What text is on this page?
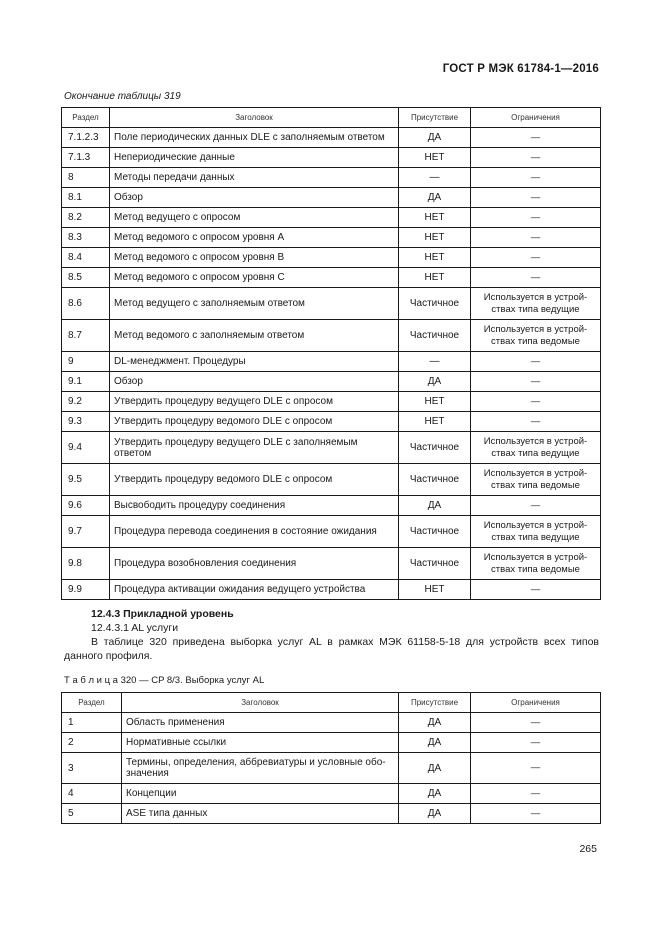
ГОСТ Р МЭК 61784-1—2016
Окончание таблицы 319
Раздел	Заголовок	Присутствие	Ограничения
7.1.2.3	Поле периодических данных DLE с заполняемым ответом	ДА	—
7.1.3	Непериодические данные	НЕТ	—
8	Методы передачи данных	—	—
8.1	Обзор	ДА	—
8.2	Метод ведущего с опросом	НЕТ	—
8.3	Метод ведомого с опросом уровня А	НЕТ	—
8.4	Метод ведомого с опросом уровня В	НЕТ	—
8.5	Метод ведомого с опросом уровня С	НЕТ	—
8.6	Метод ведущего с заполняемым ответом	Частичное	Используется в устрой-ствах типа ведущие
8.7	Метод ведомого с заполняемым ответом	Частичное	Используется в устрой-ствах типа ведомые
9	DL-менеджмент. Процедуры	—	—
9.1	Обзор	ДА	—
9.2	Утвердить процедуру ведущего DLE с опросом	НЕТ	—
9.3	Утвердить процедуру ведомого DLE с опросом	НЕТ	—
9.4	Утвердить процедуру ведущего DLE с заполняемым ответом	Частичное	Используется в устрой-ствах типа ведущие
9.5	Утвердить процедуру ведомого DLE с опросом	Частичное	Используется в устрой-ствах типа ведомые
9.6	Высвободить процедуру соединения	ДА	—
9.7	Процедура перевода соединения в состояние ожидания	Частичное	Используется в устрой-ствах типа ведущие
9.8	Процедура возобновления соединения	Частичное	Используется в устрой-ствах типа ведомые
9.9	Процедура активации ожидания ведущего устройства	НЕТ	—
12.4.3 Прикладной уровень
12.4.3.1 AL услуги
В таблице 320 приведена выборка услуг AL в рамках МЭК 61158-5-18 для устройств всех типов данного профиля.
Т а б л и ц а 320 — CP 8/3. Выборка услуг AL
Раздел	Заголовок	Присутствие	Ограничения
1	Область применения	ДА	—
2	Нормативные ссылки	ДА	—
3	Термины, определения, аббревиатуры и условные обо-значения	ДА	—
4	Концепции	ДА	—
5	ASE типа данных	ДА	—
265
